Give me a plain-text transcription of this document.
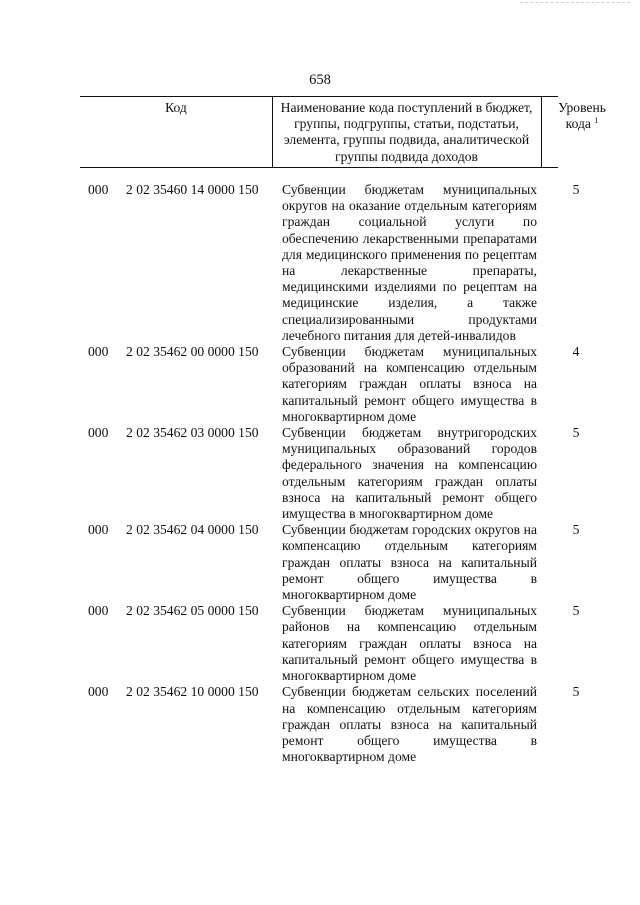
658
Код	Наименование кода поступлений в бюджет, группы, подгруппы, статьи, подстатьи, элемента, группы подвида, аналитической группы подвида доходов
Уровень кода $^1$
000 2 02 35460 14 0000 150 Субвенции бюджетам муниципальных округов на оказание отдельным категориям граждан социальной услуги по обеспечению лекарственными препаратами для медицинского применения по рецептам на лекарственные препараты, медицинскими изделиями по рецептам на медицинские изделия, а также специализированными продуктами лечебного питания для детей-инвалидов
5
000 2 02 35462 00 0000 150 Субвенции бюджетам муниципальных образований на компенсацию отдельным категориям граждан оплаты взноса на капитальный ремонт общего имущества в многоквартирном доме
4
000 2 02 35462 03 0000 150 Субвенции бюджетам внутригородских муниципальных образований городов федерального значения на компенсацию отдельным категориям граждан оплаты взноса на капитальный ремонт общего имущества в многоквартирном доме
5
000 2 02 35462 04 0000 150 Субвенции бюджетам городских округов на компенсацию отдельным категориям граждан оплаты взноса на капитальный ремонт общего имущества в многоквартирном доме
5
000 2 02 35462 05 0000 150 Субвенции бюджетам муниципальных районов на компенсацию отдельным категориям граждан оплаты взноса на капитальный ремонт общего имущества в многоквартирном доме
5
000 2 02 35462 10 0000 150 Субвенции бюджетам сельских поселений на компенсацию отдельным категориям граждан оплаты взноса на капитальный ремонт общего имущества в многоквартирном доме
5
